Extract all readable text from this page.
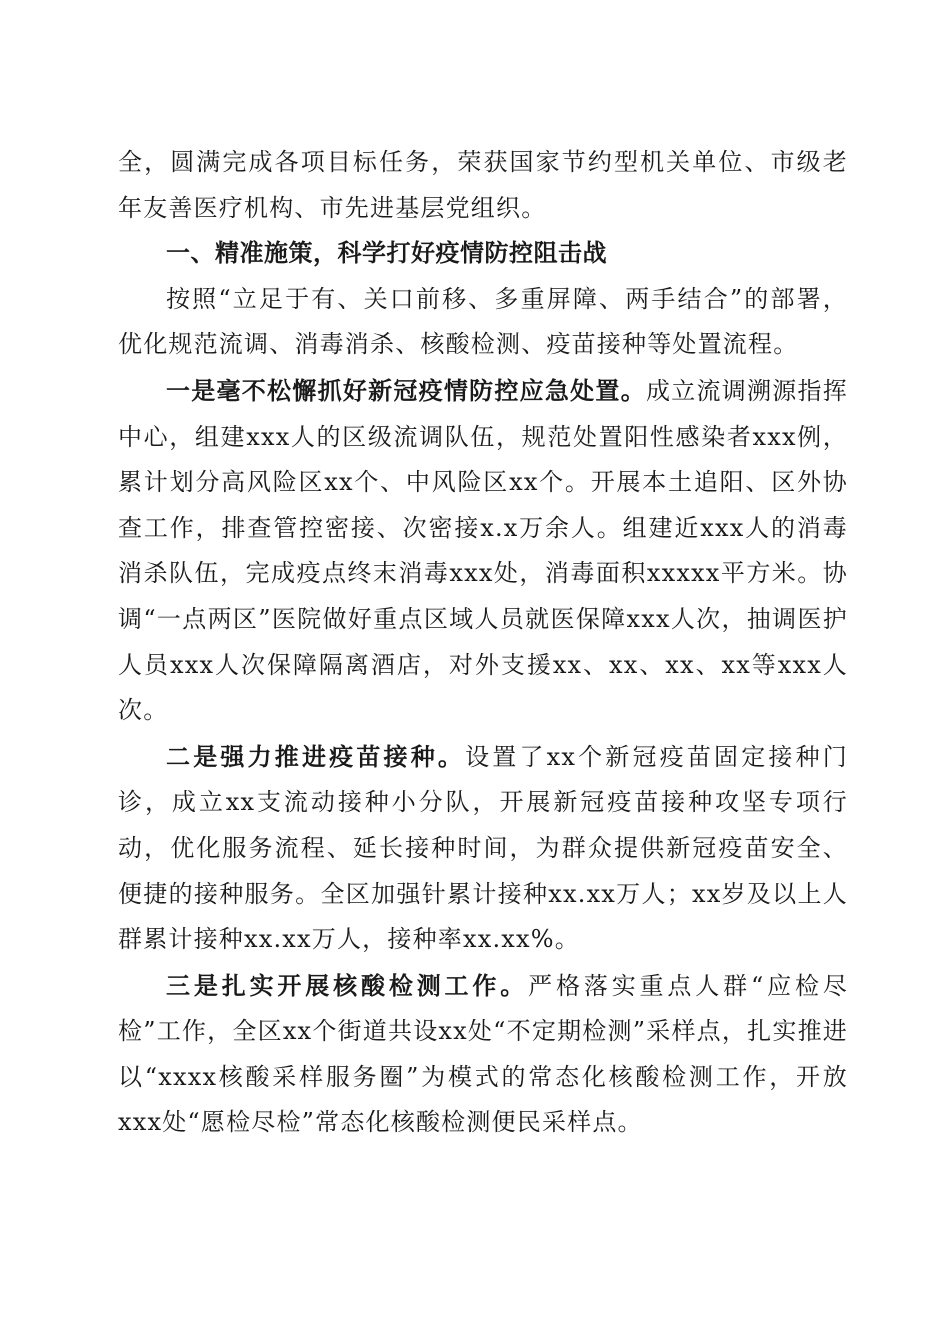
全，圆满完成各项目标任务，荣获国家节约型机关单位、市级老年友善医疗机构、市先进基层党组织。

一、精准施策，科学打好疫情防控阻击战

按照“立足于有、关口前移、多重屏障、两手结合”的部署，优化规范流调、消毒消杀、核酸检测、疫苗接种等处置流程。

一是毫不松懈抓好新冠疫情防控应急处置。成立流调溯源指挥中心，组建xxx人的区级流调队伍，规范处置阳性感染者xxx例，累计划分高风险区xx个、中风险区xx个。开展本土追阳、区外协查工作，排查管控密接、次密接x.x万余人。组建近xxx人的消毒消杀队伍，完成疫点终末消毒xxx处，消毒面积xxxxx平方米。协调“一点两区”医院做好重点区域人员就医保障xxx人次，抽调医护人员xxx人次保障隔离酒店，对外支援xx、xx、xx、xx等xxx人次。

二是强力推进疫苗接种。设置了xx个新冠疫苗固定接种门诊，成立xx支流动接种小分队，开展新冠疫苗接种攻坚专项行动，优化服务流程、延长接种时间，为群众提供新冠疫苗安全、便捷的接种服务。全区加强针累计接种xx.xx万人；xx岁及以上人群累计接种xx.xx万人，接种率xx.xx%。

三是扎实开展核酸检测工作。严格落实重点人群“应检尽检”工作，全区xx个街道共设xx处“不定期检测”采样点，扎实推进以“xxxx核酸采样服务圈”为模式的常态化核酸检测工作，开放xxx处“愿检尽检”常态化核酸检测便民采样点。
